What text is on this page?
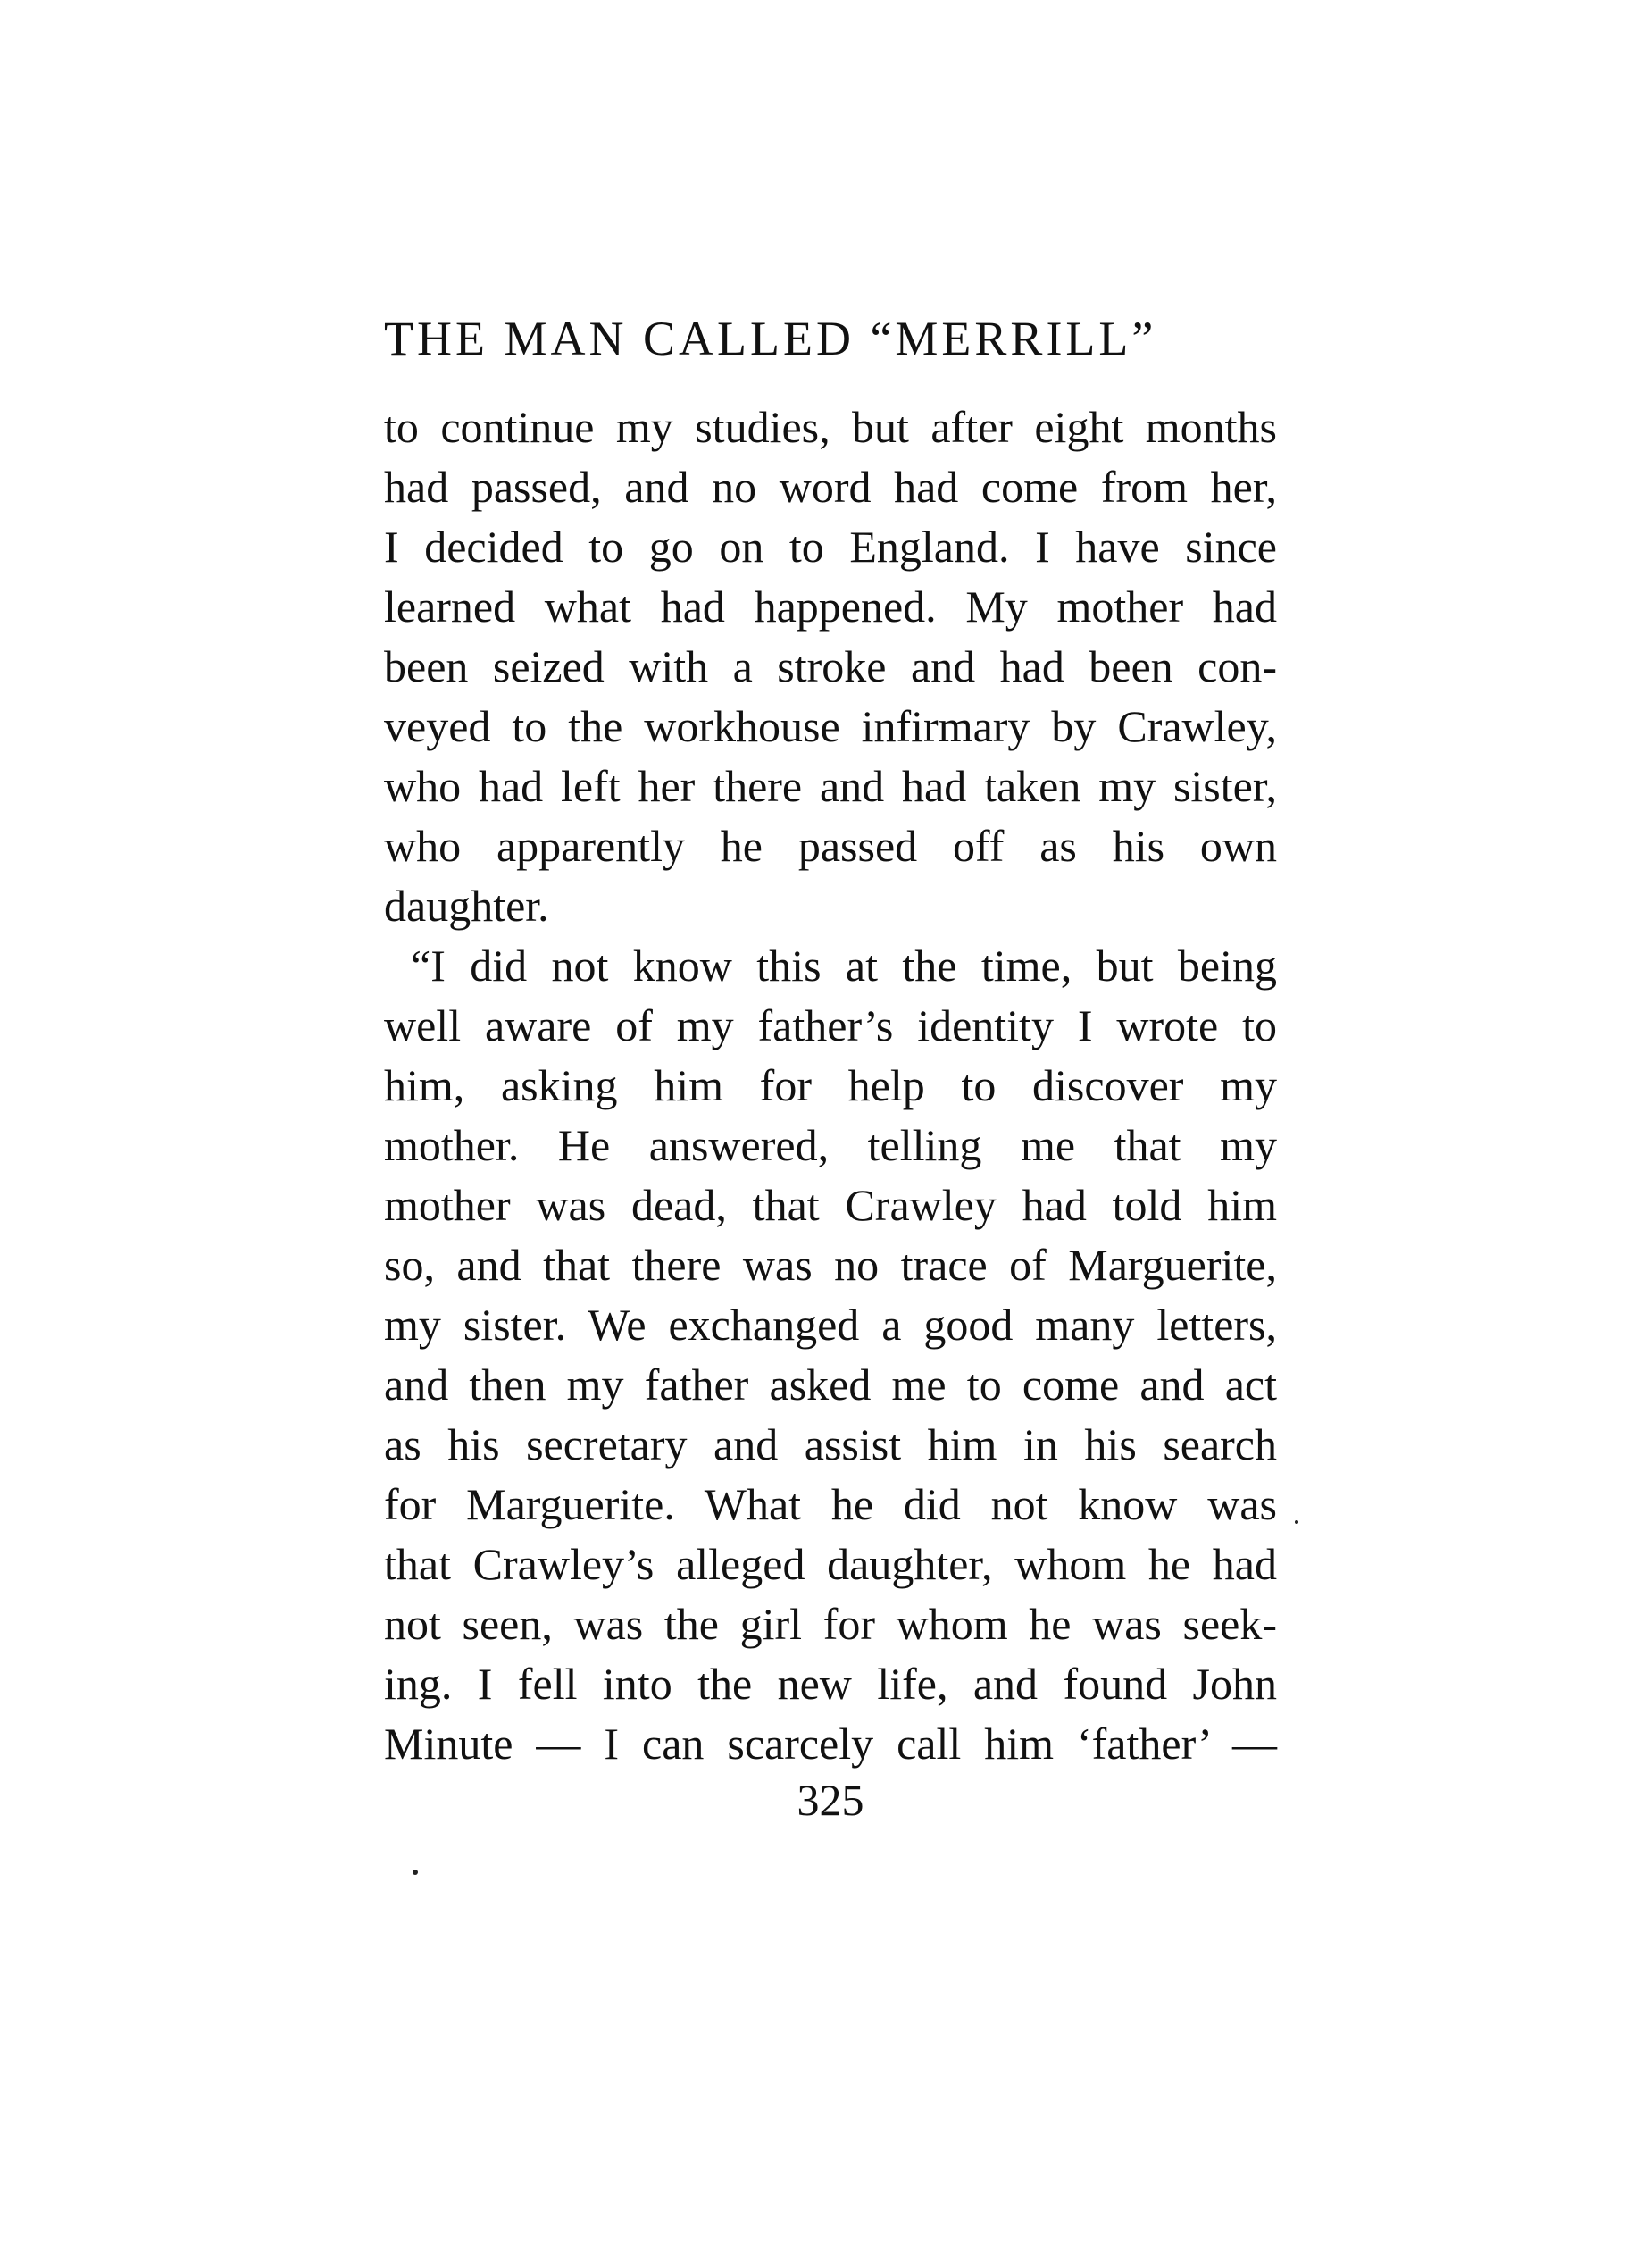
THE MAN CALLED “MERRILL”
to continue my studies, but after eight months
had passed, and no word had come from her,
I decided to go on to England. I have since
learned what had happened. My mother had
been seized with a stroke and had been con-
veyed to the workhouse infirmary by Crawley,
who had left her there and had taken my sister,
who apparently he passed off as his own
daughter.
“I did not know this at the time, but being
well aware of my father’s identity I wrote to
him, asking him for help to discover my
mother. He answered, telling me that my
mother was dead, that Crawley had told him
so, and that there was no trace of Marguerite,
my sister. We exchanged a good many letters,
and then my father asked me to come and act
as his secretary and assist him in his search
for Marguerite. What he did not know was
that Crawley’s alleged daughter, whom he had
not seen, was the girl for whom he was seek-
ing. I fell into the new life, and found John
Minute — I can scarcely call him ‘father’ —
325
